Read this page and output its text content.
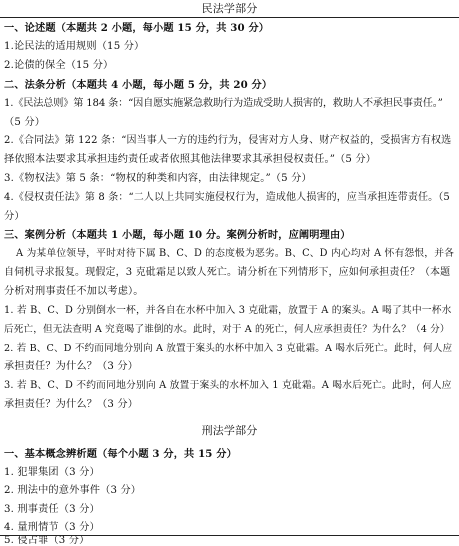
民法学部分
一、论述题（本题共 2 小题，每小题 15 分，共 30 分）
1.论民法的适用规则（15 分）
2.论债的保全（15 分）
二、法条分析（本题共 4 小题，每小题 5 分，共 20 分）
1.《民法总则》第 184 条：“因自愿实施紧急救助行为造成受助人损害的，救助人不承担民事责任。”
（5 分）
2.《合同法》第 122 条：“因当事人一方的违约行为，侵害对方人身、财产权益的，受损害方有权选
择依照本法要求其承担违约责任或者依照其他法律要求其承担侵权责任。”（5 分）
3.《物权法》第 5 条：“物权的种类和内容，由法律规定。”（5 分）
4.《侵权责任法》第 8 条：“二人以上共同实施侵权行为，造成他人损害的，应当承担连带责任。（5
分）
三、案例分析（本题共 1 小题，每小题 10 分。案例分析时，应阐明理由）
A 为某单位领导，平时对待下属 B、C、D 的态度极为恶劣。B、C、D 内心均对 A 怀有怨恨，并各
自伺机寻求报复。现假定，3 克砒霜足以致人死亡。请分析在下列情形下，应如何承担责任？（本题
分析对刑事责任不加以考虑）。
1. 若 B、C、D 分别倒水一杯，并各自在水杯中加入 3 克砒霜，放置于 A 的案头。A 喝了其中一杯水
后死亡，但无法查明 A 究竟喝了谁倒的水。此时，对于 A 的死亡，何人应承担责任？为什么？（4 分）
2. 若 B、C、D 不约而同地分别向 A 放置于案头的水杯中加入 3 克砒霜。A 喝水后死亡。此时，何人应
承担责任？为什么？（3 分）
3. 若 B、C、D 不约而同地分别向 A 放置于案头的水杯加入 1 克砒霜。A 喝水后死亡。此时，何人应
承担责任？为什么？（3 分）
刑法学部分
一、基本概念辨析题（每个小题 3 分，共 15 分）
1. 犯罪集团（3 分）
2. 刑法中的意外事件（3 分）
3. 刑事责任（3 分）
4. 量刑情节（3 分）
5. 侵占罪（3 分）
